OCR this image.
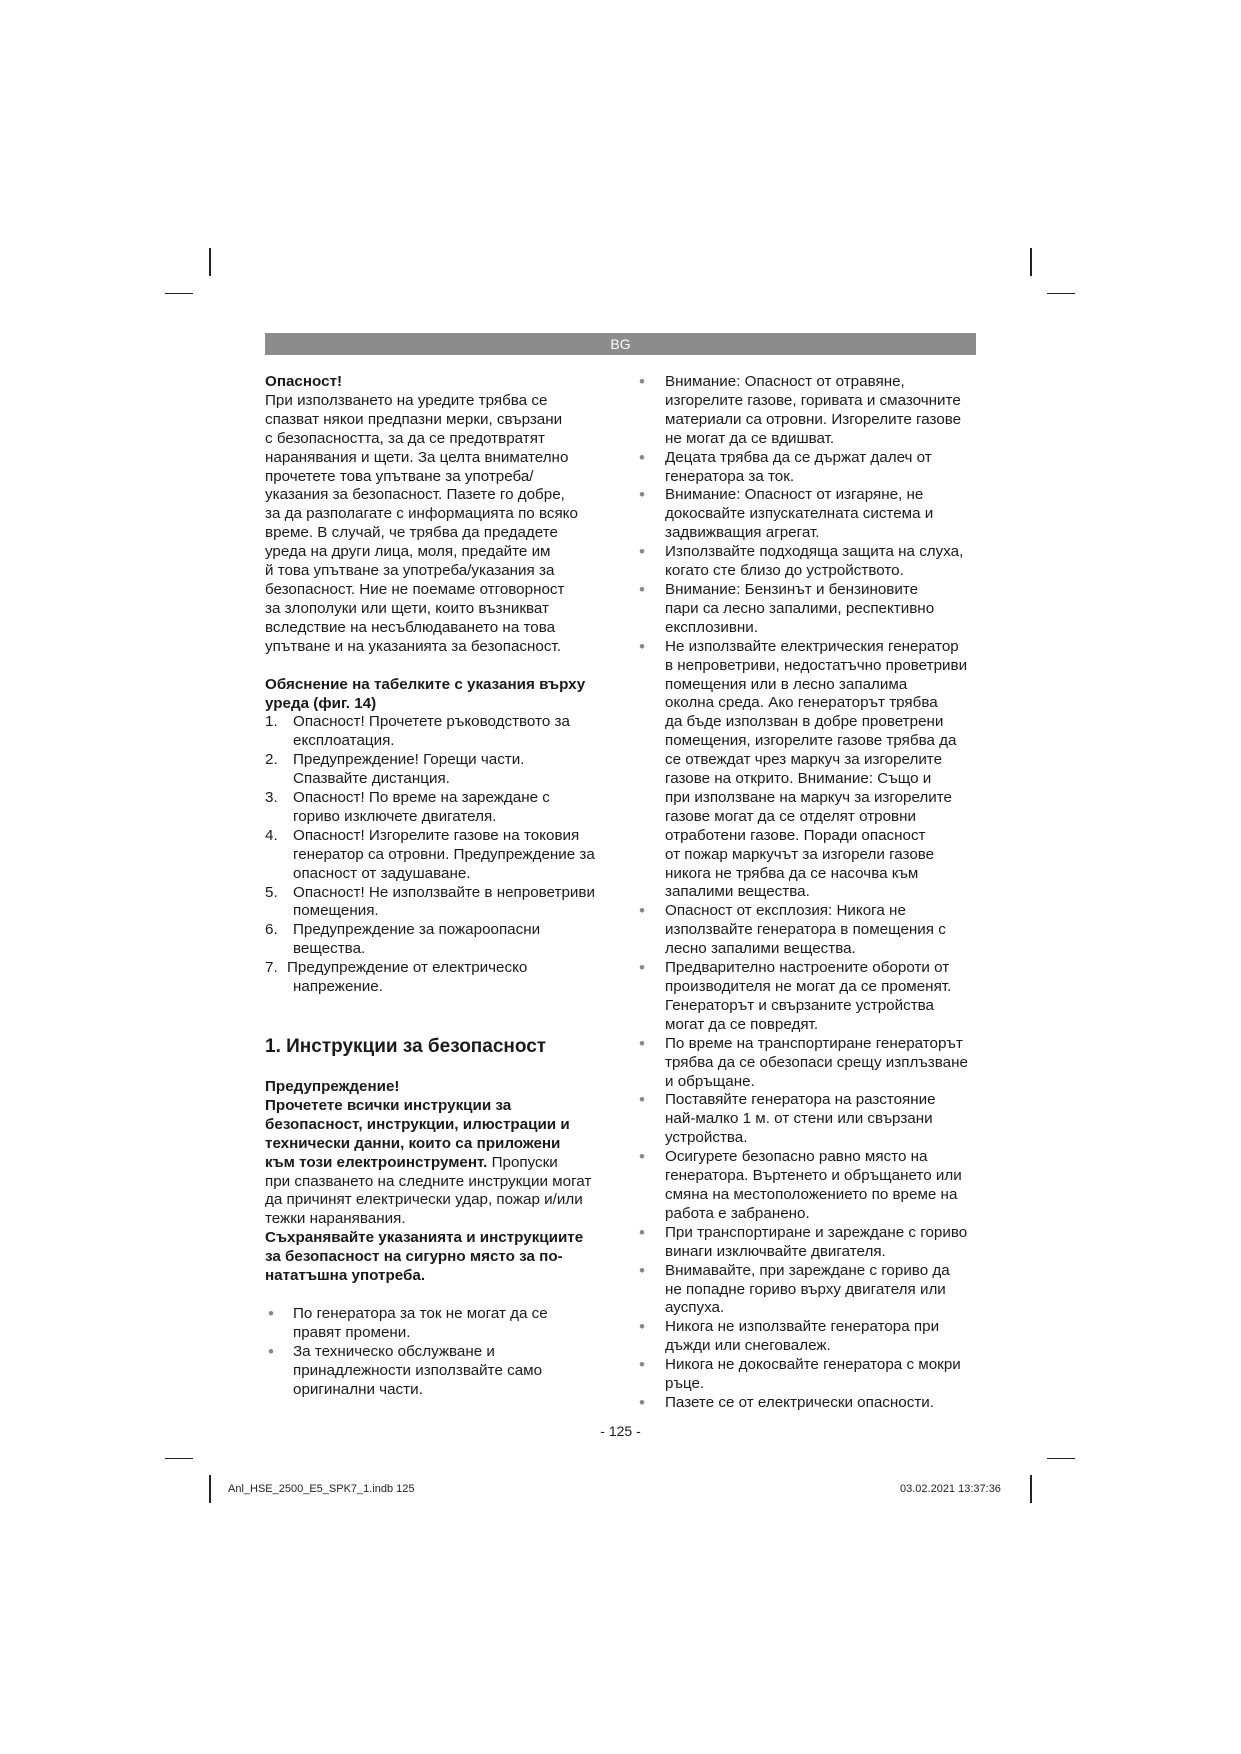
BG

Опасност!

При използването на уредите трябва се

спазват някои предпазни мерки, свързани

с безопасността, за да се предотвратят

наранявания и щети. За целта внимателно

прочетете това упътване за употреба/

указания за безопасност. Пазете го добре,

за да разполагате с информацията по всяко

време. В случай, че трябва да предадете

уреда на други лица, моля, предайте им

й това упътване за употреба/указания за

безопасност. Ние не поемаме отговорност

за злополуки или щети, които възникват

вследствие на несъблюдаването на това

упътване и на указанията за безопасност.

Обяснение на табелките с указания върху

уреда (фиг. 14)

1. Опасност! Прочетете ръководството за

експлоатация.

2. Предупреждение! Горещи части.

Спазвайте дистанция.

3. Опасност! По време на зареждане с

гориво изключете двигателя.

4. Опасност! Изгорелите газове на токовия

генератор са отровни. Предупреждение за

опасност от задушаване.

5. Опасност! Не използвайте в непроветриви

помещения.

6. Предупреждение за пожароопасни

вещества.

7. Предупреждение от електрическо

напрежение.

1. Инструкции за безопасност

Предупреждение!

Прочетете всички инструкции за

безопасност, инструкции, илюстрации и

технически данни, които са приложени

към този електроинструмент. Пропуски

при спазването на следните инструкции могат

да причинят електрически удар, пожар и/или

тежки наранявания.

Съхранявайте указанията и инструкциите

за безопасност на сигурно място за по-

нататъшна употреба.

• По генератора за ток не могат да се

правят промени.

• За техническо обслужване и

принадлежности използвайте само

оригинални части.

• Внимание: Опасност от отравяне,

изгорелите газове, горивата и смазочните

материали са отровни. Изгорелите газове

не могат да се вдишват.

• Децата трябва да се държат далеч от

генератора за ток.

• Внимание: Опасност от изгаряне, не

докосвайте изпускателната система и

задвижващия агрегат.

• Използвайте подходяща защита на слуха,

когато сте близо до устройството.

• Внимание: Бензинът и бензиновите

пари са лесно запалими, респективно

експлозивни.

• Не използвайте електрическия генератор

в непроветриви, недостатъчно проветриви

помещения или в лесно запалима

околна среда. Ако генераторът трябва

да бъде използван в добре проветрени

помещения, изгорелите газове трябва да

се отвеждат чрез маркуч за изгорелите

газове на открито. Внимание: Също и

при използване на маркуч за изгорелите

газове могат да се отделят отровни

отработени газове. Поради опасност

от пожар маркучът за изгорели газове

никога не трябва да се насочва към

запалими вещества.

• Опасност от експлозия: Никога не

използвайте генератора в помещения с

лесно запалими вещества.

• Предварително настроените обороти от

производителя не могат да се променят.

Генераторът и свързаните устройства

могат да се повредят.

• По време на транспортиране генераторът

трябва да се обезопаси срещу изплъзване

и обръщане.

• Поставяйте генератора на разстояние

най-малко 1 м. от стени или свързани

устройства.

• Осигурете безопасно равно място на

генератора. Въртенето и обръщането или

смяна на местоположението по време на

работа е забранено.

• При транспортиране и зареждане с гориво

винаги изключвайте двигателя.

• Внимавайте, при зареждане с гориво да

не попадне гориво върху двигателя или

ауспуха.

• Никога не използвайте генератора при

дъжди или снеговалеж.

• Никога не докосвайте генератора с мокри

ръце.

• Пазете се от електрически опасности.

- 125 -
Anl_HSE_2500_E5_SPK7_1.indb 125	03.02.2021 13:37:36
